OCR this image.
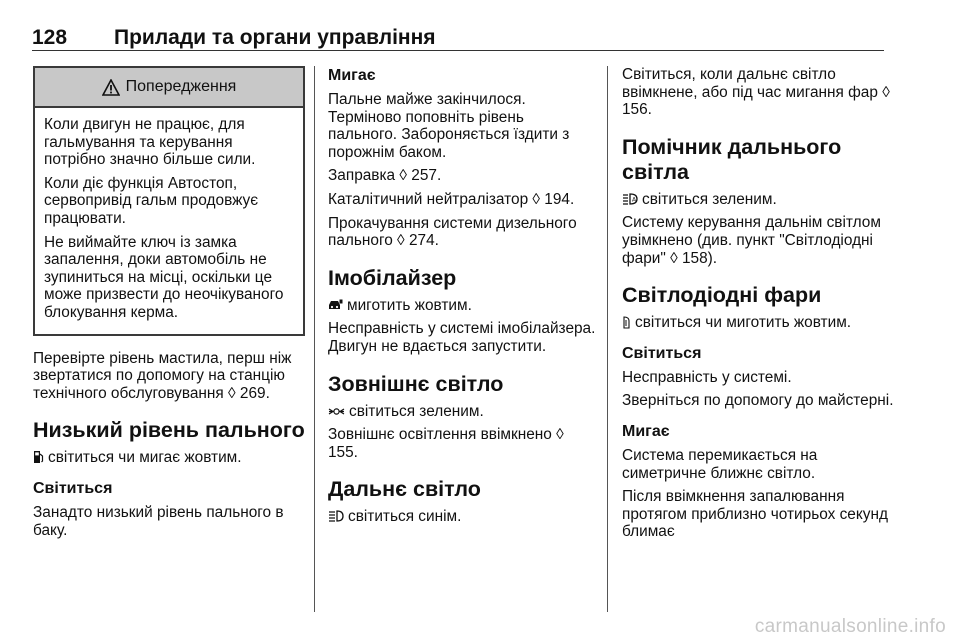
128 Прилади та органи управління
Попередження

Коли двигун не працює, для гальмування та керування потрібно значно більше сили.

Коли діє функція Автостоп, сервопривід гальм продовжує працювати.

Не виймайте ключ із замка запалення, доки автомобіль не зупиниться на місці, оскільки це може призвести до неочікуваного блокування керма.

Перевірте рівень мастила, перш ніж звертатися по допомогу на станцію технічного обслуговування ◊ 269.

Низький рівень пального

світиться чи мигає жовтим.

Світиться

Занадто низький рівень пального в баку.

Мигає

Пальне майже закінчилося. Терміново поповніть рівень пального. Забороняється їздити з порожнім баком.

Заправка ◊ 257.

Каталітичний нейтралізатор ◊ 194.

Прокачування системи дизельного пального ◊ 274.

Імобілайзер

миготить жовтим.

Несправність у системі імобілайзера. Двигун не вдається запустити.

Зовнішнє світло

світиться зеленим.

Зовнішнє освітлення ввімкнено ◊ 155.

Дальнє світло

світиться синім.

Світиться, коли дальнє світло ввімкнене, або під час мигання фар ◊ 156.

Помічник дальнього світла

A світиться зеленим.

Систему керування дальнім світлом увімкнено (див. пункт "Світлодіодні фари" ◊ 158).

Світлодіодні фари

світиться чи миготить жовтим.

Світиться

Несправність у системі.

Зверніться по допомогу до майстерні.

Мигає

Система перемикається на симетричне ближнє світло.

Після ввімкнення запалювання протягом приблизно чотирьох секунд блимає

carmanualsonline.info
